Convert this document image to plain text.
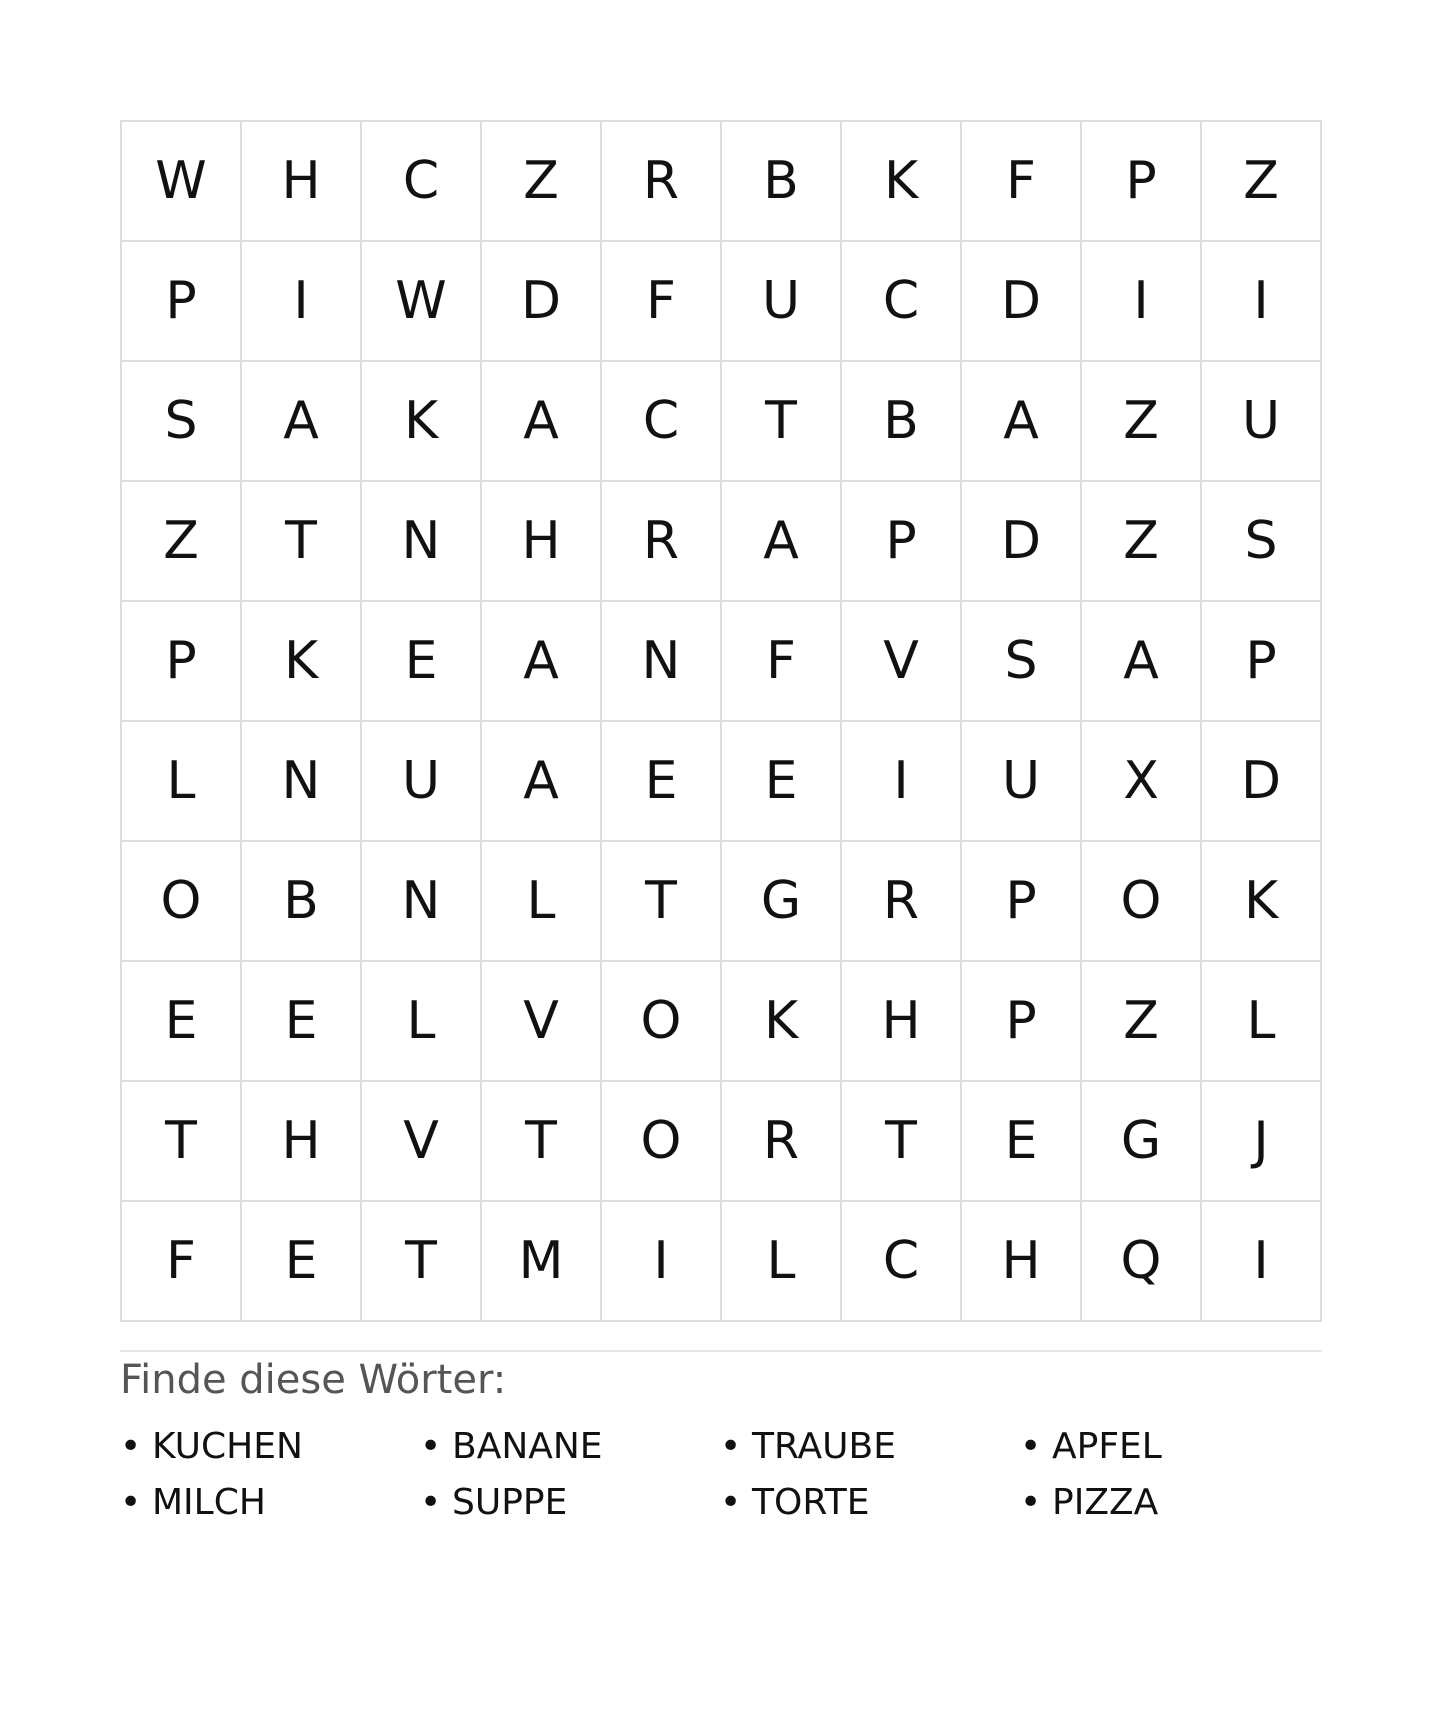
W	H	C	Z	R	B	K	F	P	Z
P	I	W	D	F	U	C	D	I	I
S	A	K	A	C	T	B	A	Z	U
Z	T	N	H	R	A	P	D	Z	S
P	K	E	A	N	F	V	S	A	P
L	N	U	A	E	E	I	U	X	D
O	B	N	L	T	G	R	P	O	K
E	E	L	V	O	K	H	P	Z	L
T	H	V	T	O	R	T	E	G	J
F	E	T	M	I	L	C	H	Q	I
Finde diese Wörter:
• KUCHEN	• BANANE	• TRAUBE	• APFEL
• MILCH	• SUPPE	• TORTE	• PIZZA
